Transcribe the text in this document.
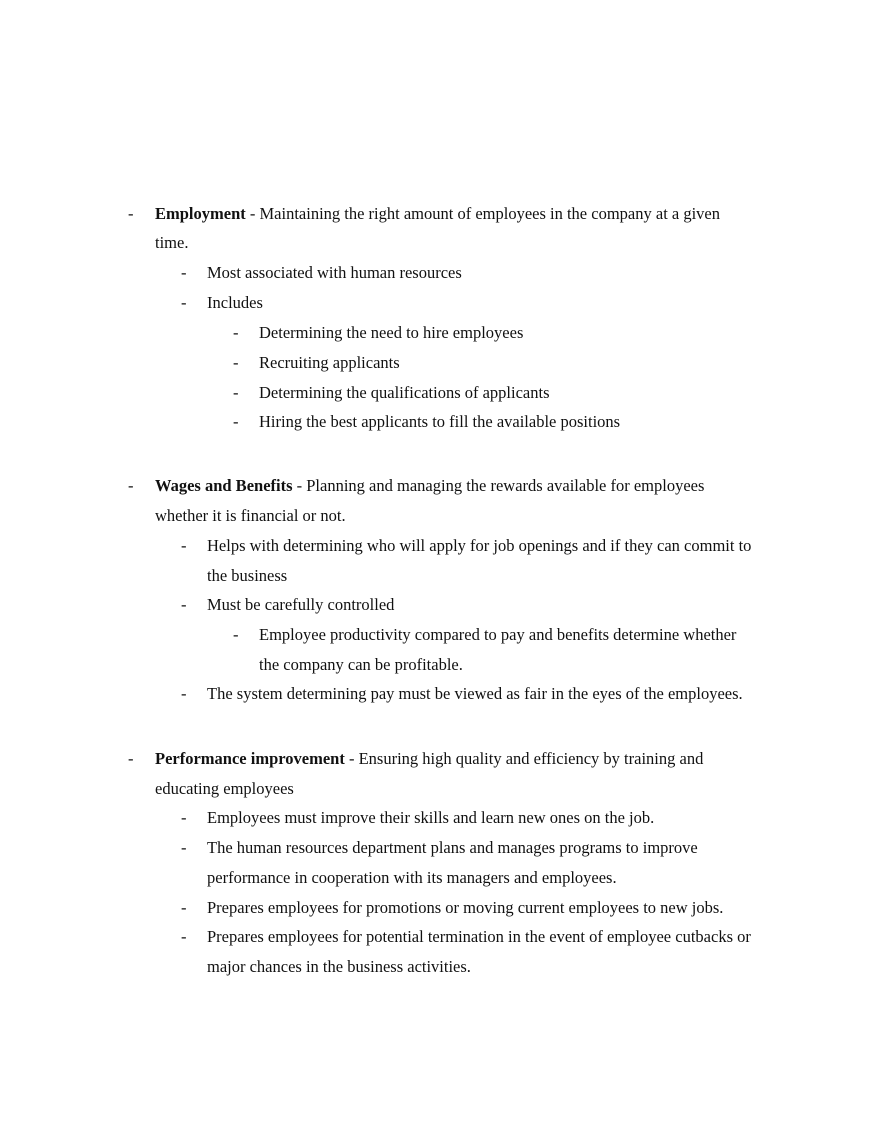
- Employment - Maintaining the right amount of employees in the company at a given
time.
- Most associated with human resources
- Includes
- Determining the need to hire employees
- Recruiting applicants
- Determining the qualifications of applicants
- Hiring the best applicants to fill the available positions
- Wages and Benefits - Planning and managing the rewards available for employees
whether it is financial or not.
- Helps with determining who will apply for job openings and if they can commit to
the business
- Must be carefully controlled
- Employee productivity compared to pay and benefits determine whether
the company can be profitable.
- The system determining pay must be viewed as fair in the eyes of the employees.
- Performance improvement - Ensuring high quality and efficiency by training and
educating employees
- Employees must improve their skills and learn new ones on the job.
- The human resources department plans and manages programs to improve
performance in cooperation with its managers and employees.
- Prepares employees for promotions or moving current employees to new jobs.
- Prepares employees for potential termination in the event of employee cutbacks or
major chances in the business activities.
